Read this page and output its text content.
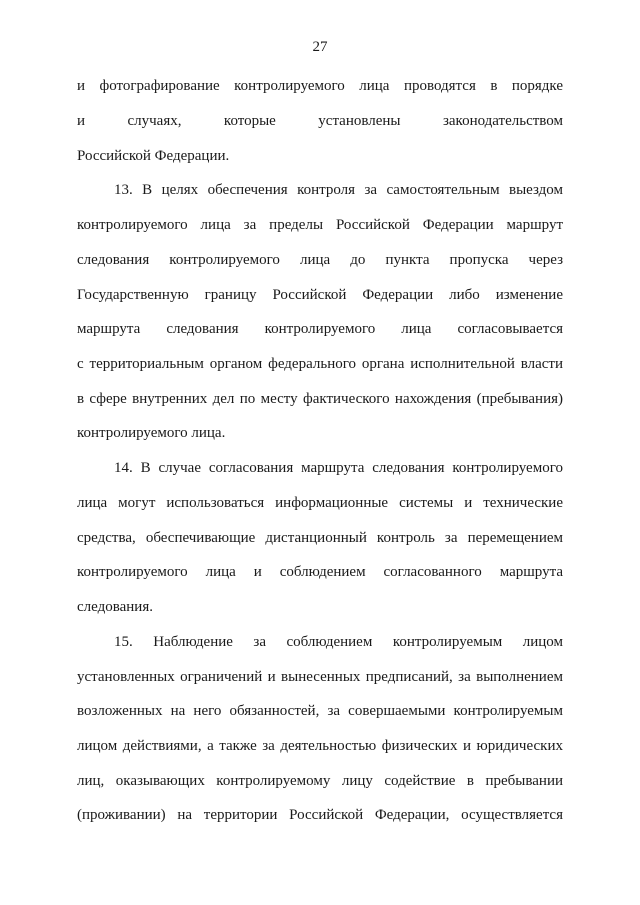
27
и фотографирование контролируемого лица проводятся в порядке
и случаях, которые установлены законодательством
Российской Федерации.
13. В целях обеспечения контроля за самостоятельным выездом
контролируемого лица за пределы Российской Федерации маршрут
следования контролируемого лица до пункта пропуска через
Государственную границу Российской Федерации либо изменение
маршрута следования контролируемого лица согласовывается
с территориальным органом федерального органа исполнительной власти
в сфере внутренних дел по месту фактического нахождения (пребывания)
контролируемого лица.
14. В случае согласования маршрута следования контролируемого
лица могут использоваться информационные системы и технические
средства, обеспечивающие дистанционный контроль за перемещением
контролируемого лица и соблюдением согласованного маршрута
следования.
15. Наблюдение за соблюдением контролируемым лицом
установленных ограничений и вынесенных предписаний, за выполнением
возложенных на него обязанностей, за совершаемыми контролируемым
лицом действиями, а также за деятельностью физических и юридических
лиц, оказывающих контролируемому лицу содействие в пребывании
(проживании) на территории Российской Федерации, осуществляется
